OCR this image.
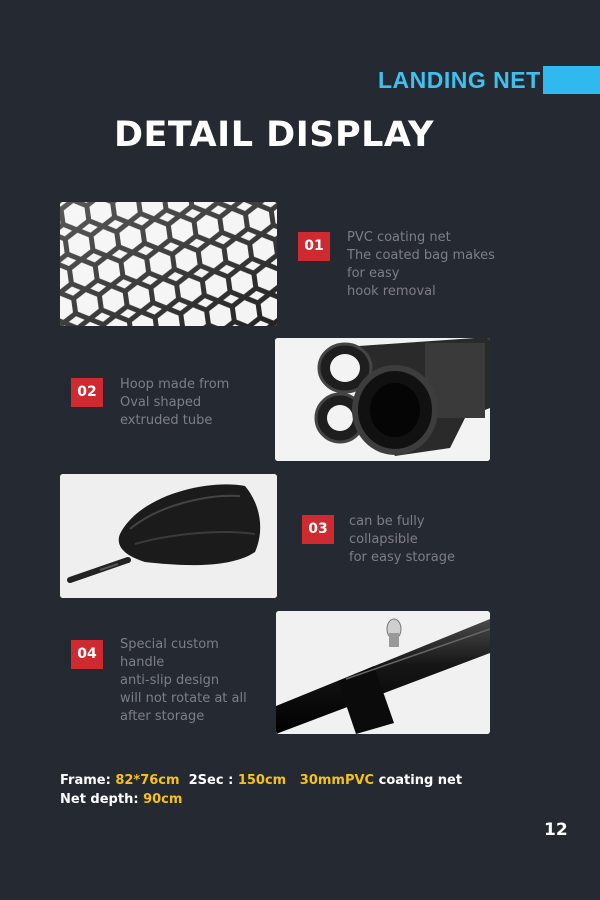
LANDING NET
DETAIL DISPLAY
01
PVC coating net
The coated bag makes
for easy
hook removal
02	Hoop made from
Oval shaped
extruded tube
03	can be fully
collapsible
for easy storage
04
Special custom
handle
anti-slip design
will not rotate at all
after storage
Frame: 82*76cm 2Sec : 150cm 30mmPVC coating net
Net depth: 90cm
12
